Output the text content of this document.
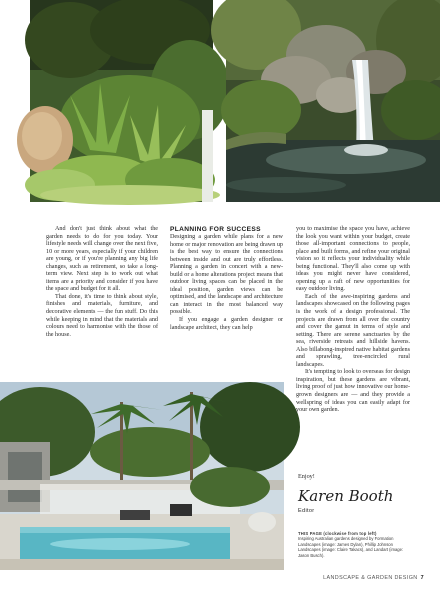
And don't just think about what the garden needs to do for you today. Your lifestyle needs will change over the next five, 10 or more years, especially if your children are young, or if you're planning any big life changes, such as retirement, so take a long-term view. Next step is to work out what items are a priority and consider if you have the space and budget for it all.

That done, it's time to think about style, finishes and materials, furniture, and decorative elements — the fun stuff. Do this while keeping in mind that the materials and colours need to harmonise with the those of the house.

PLANNING FOR SUCCESS

Designing a garden while plans for a new home or major renovation are being drawn up is the best way to ensure the connections between inside and out are truly effortless. Planning a garden in concert with a new-build or a home alterations project means that outdoor living spaces can be placed in the ideal position, garden views can be optimised, and the landscape and architecture can interact in the most balanced way possible.

If you engage a garden designer or landscape architect, they can help

you to maximise the space you have, achieve the look you want within your budget, create those all-important connections to people, place and built forms, and refine your original vision so it reflects your individuality while being functional. They'll also come up with ideas you might never have considered, opening up a raft of new opportunities for easy outdoor living.

Each of the awe-inspiring gardens and landscapes showcased on the following pages is the work of a design professional. The projects are drawn from all over the country and cover the gamut in terms of style and setting. There are serene sanctuaries by the sea, riverside retreats and hillside havens. Also billabong-inspired native habitat gardens and sprawling, tree-encircled rural landscapes.

It's tempting to look to overseas for design inspiration, but these gardens are vibrant, living proof of just how innovative our home-grown designers are — and they provide a wellspring of ideas you can easily adapt for your own garden.

Enjoy!
Karen Booth
Editor
THIS PAGE (clockwise from top left)
Inspiring Australian gardens designed by Formation Landscapes (image: James Dylan), Phillip Johnson Landscapes (image: Claire Takacs), and Landart (image: Jason Busch).
LANDSCAPE & GARDEN DESIGN 7
